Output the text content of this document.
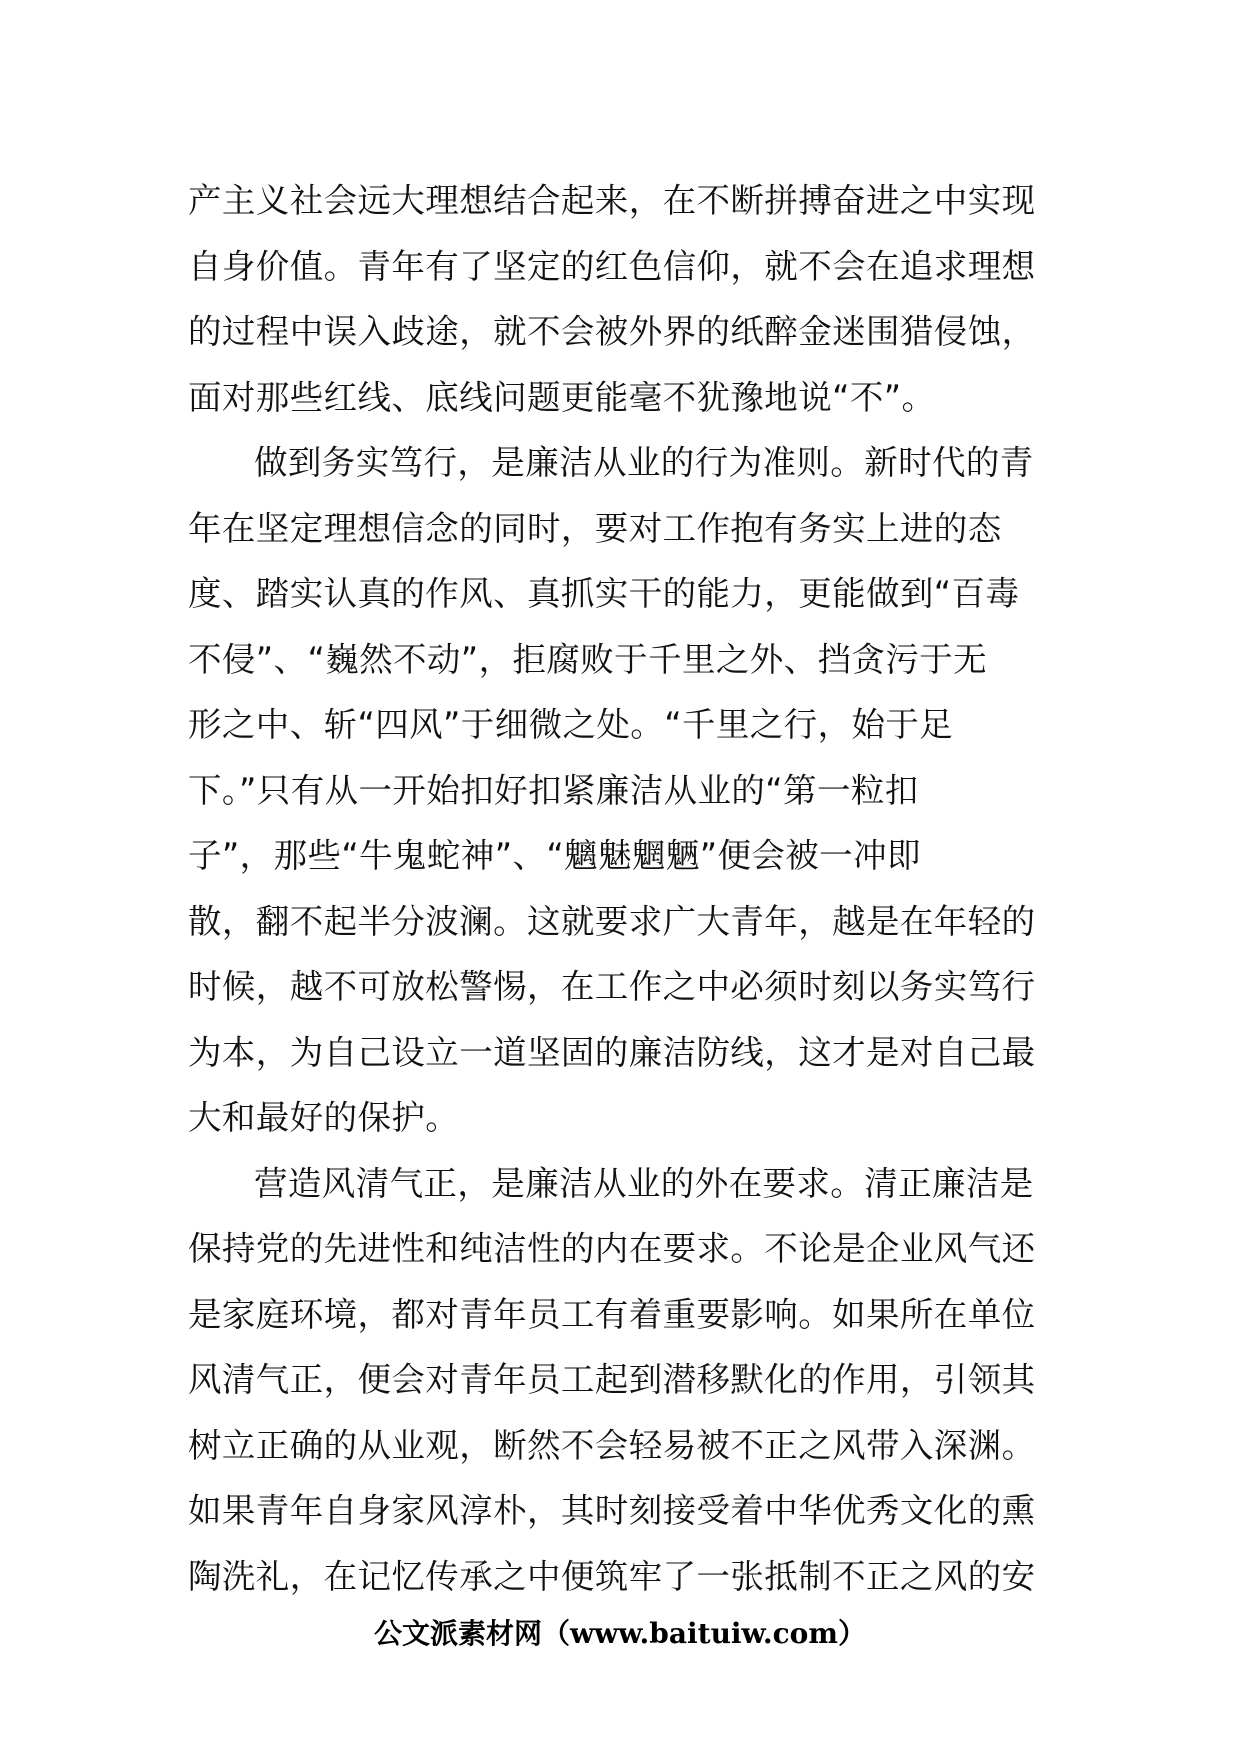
产主义社会远大理想结合起来，在不断拼搏奋进之中实现

自身价值。青年有了坚定的红色信仰，就不会在追求理想

的过程中误入歧途，就不会被外界的纸醉金迷围猎侵蚀，

面对那些红线、底线问题更能毫不犹豫地说“不”。

做到务实笃行，是廉洁从业的行为准则。新时代的青

年在坚定理想信念的同时，要对工作抱有务实上进的态

度、踏实认真的作风、真抓实干的能力，更能做到“百毒

不侵”、“巍然不动”，拒腐败于千里之外、挡贪污于无

形之中、斩“四风”于细微之处。“千里之行，始于足

下。”只有从一开始扣好扣紧廉洁从业的“第一粒扣

子”，那些“牛鬼蛇神”、“魑魅魍魉”便会被一冲即

散，翻不起半分波澜。这就要求广大青年，越是在年轻的

时候，越不可放松警惕，在工作之中必须时刻以务实笃行

为本，为自己设立一道坚固的廉洁防线，这才是对自己最

大和最好的保护。

营造风清气正，是廉洁从业的外在要求。清正廉洁是

保持党的先进性和纯洁性的内在要求。不论是企业风气还

是家庭环境，都对青年员工有着重要影响。如果所在单位

风清气正，便会对青年员工起到潜移默化的作用，引领其

树立正确的从业观，断然不会轻易被不正之风带入深渊。

如果青年自身家风淳朴，其时刻接受着中华优秀文化的熏

陶洗礼，在记忆传承之中便筑牢了一张抵制不正之风的安

公文派素材网（www.baituiw.com）
